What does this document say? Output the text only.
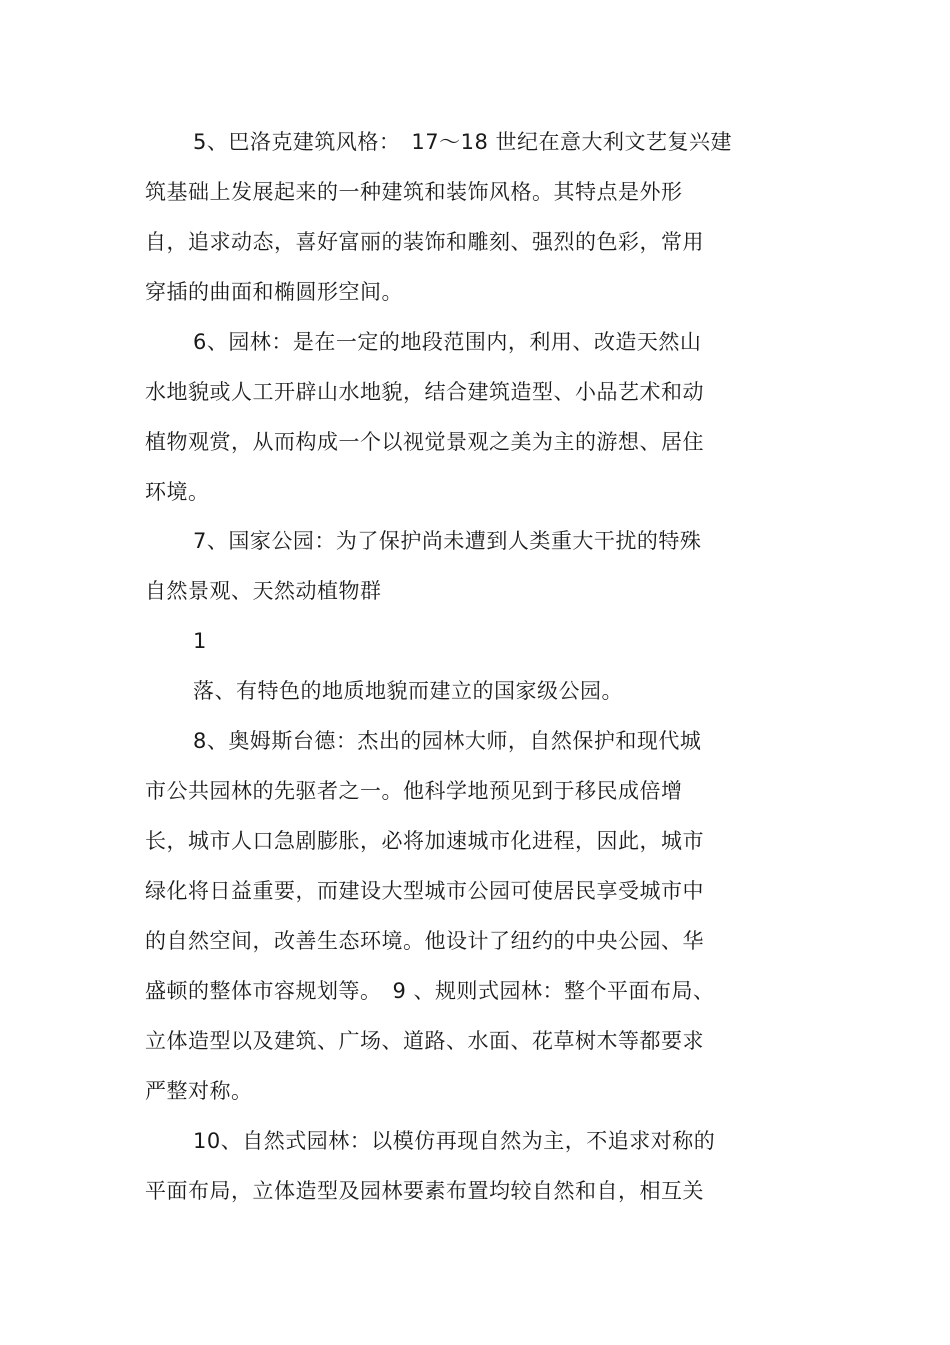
5、巴洛克建筑风格：　17～18 世纪在意大利文艺复兴建
筑基础上发展起来的一种建筑和装饰风格。其特点是外形
自，追求动态，喜好富丽的装饰和雕刻、强烈的色彩，常用
穿插的曲面和椭圆形空间。
6、园林：是在一定的地段范围内，利用、改造天然山
水地貌或人工开辟山水地貌，结合建筑造型、小品艺术和动
植物观赏，从而构成一个以视觉景观之美为主的游想、居住
环境。
7、国家公园：为了保护尚未遭到人类重大干扰的特殊
自然景观、天然动植物群
1
落、有特色的地质地貌而建立的国家级公园。
8、奥姆斯台德：杰出的园林大师，自然保护和现代城
市公共园林的先驱者之一。他科学地预见到于移民成倍增
长，城市人口急剧膨胀，必将加速城市化进程，因此，城市
绿化将日益重要，而建设大型城市公园可使居民享受城市中
的自然空间，改善生态环境。他设计了纽约的中央公园、华
盛顿的整体市容规划等。　9 、规则式园林：整个平面布局、
立体造型以及建筑、广场、道路、水面、花草树木等都要求
严整对称。
10、自然式园林：以模仿再现自然为主，不追求对称的
平面布局，立体造型及园林要素布置均较自然和自，相互关
